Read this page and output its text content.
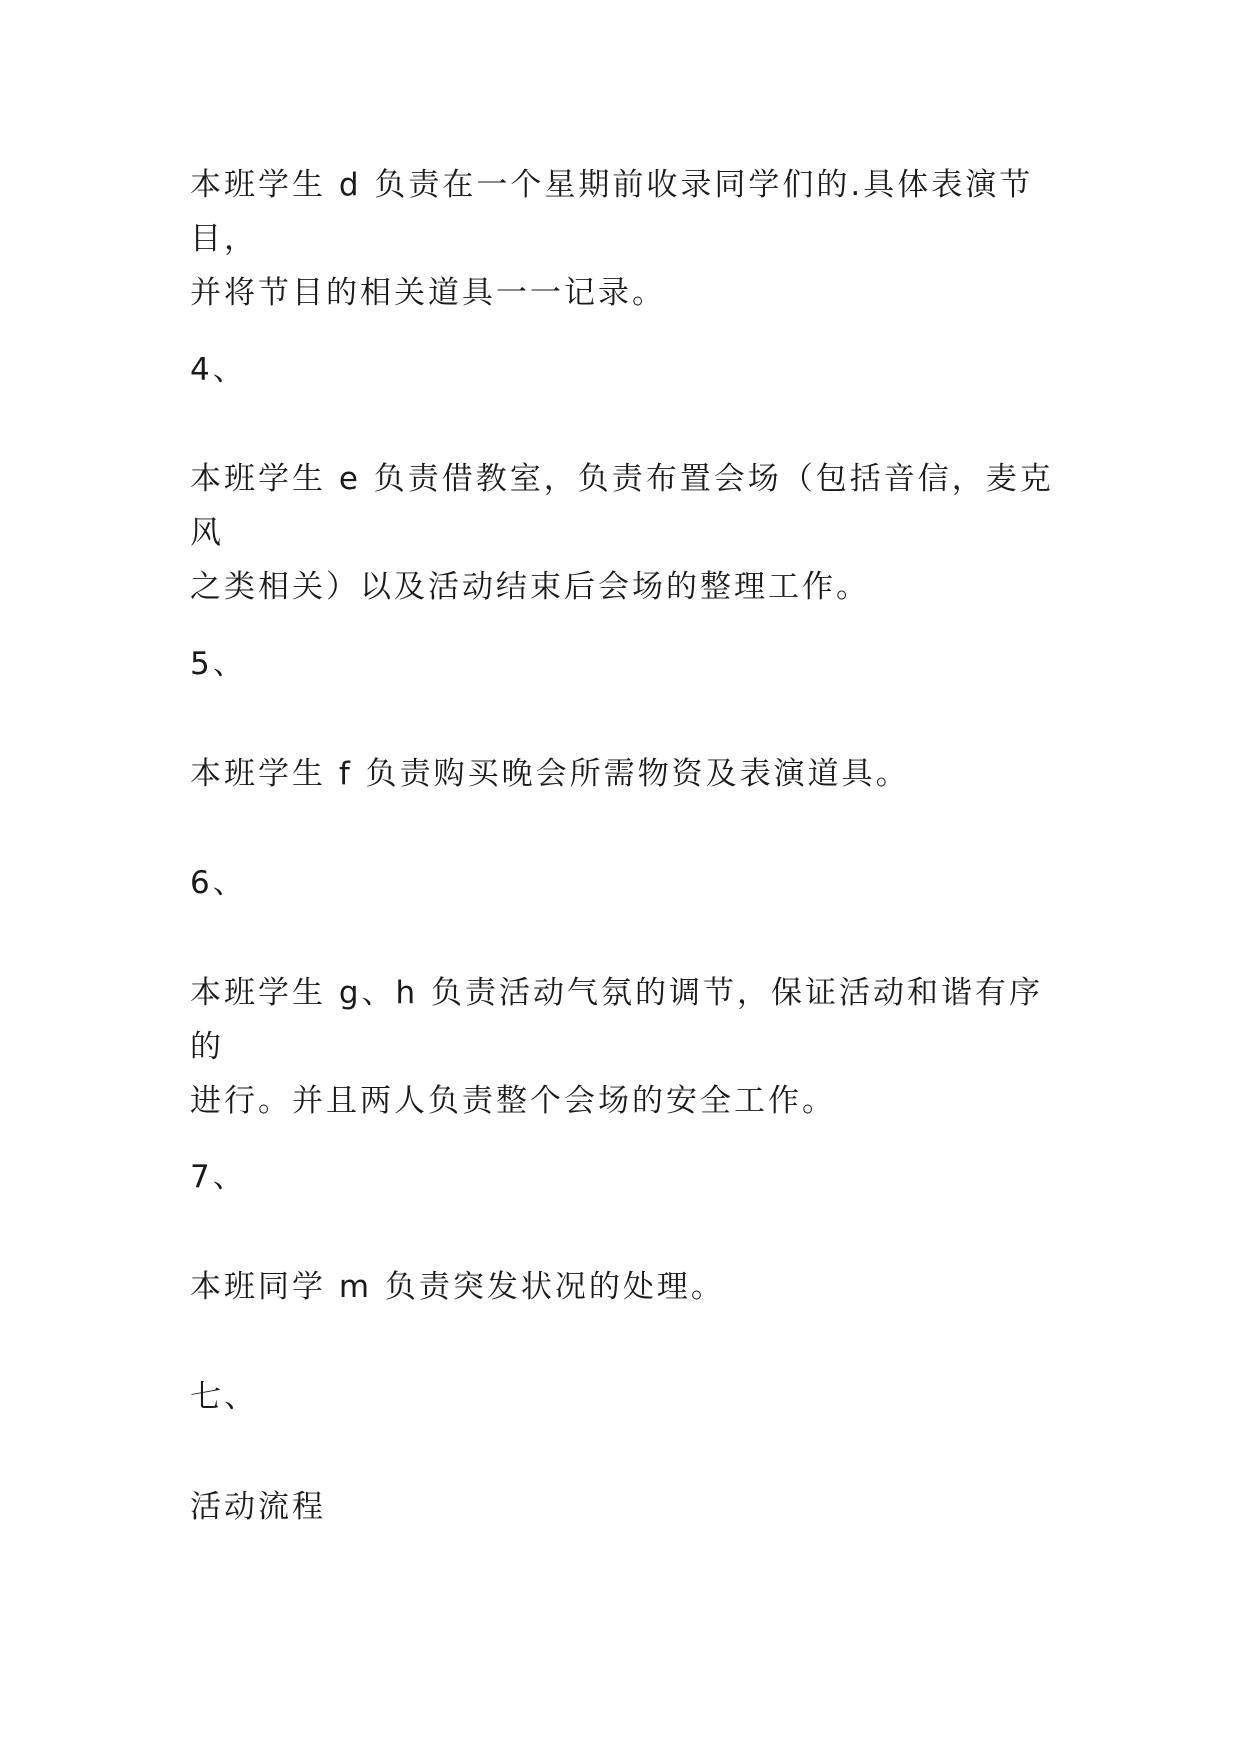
本班学生 d 负责在一个星期前收录同学们的.具体表演节目，
并将节目的相关道具一一记录。

4、

本班学生 e 负责借教室，负责布置会场（包括音信，麦克风
之类相关）以及活动结束后会场的整理工作。

5、

本班学生 f 负责购买晚会所需物资及表演道具。

6、

本班学生 g、h 负责活动气氛的调节，保证活动和谐有序的
进行。并且两人负责整个会场的安全工作。

7、

本班同学 m 负责突发状况的处理。

七、

活动流程
